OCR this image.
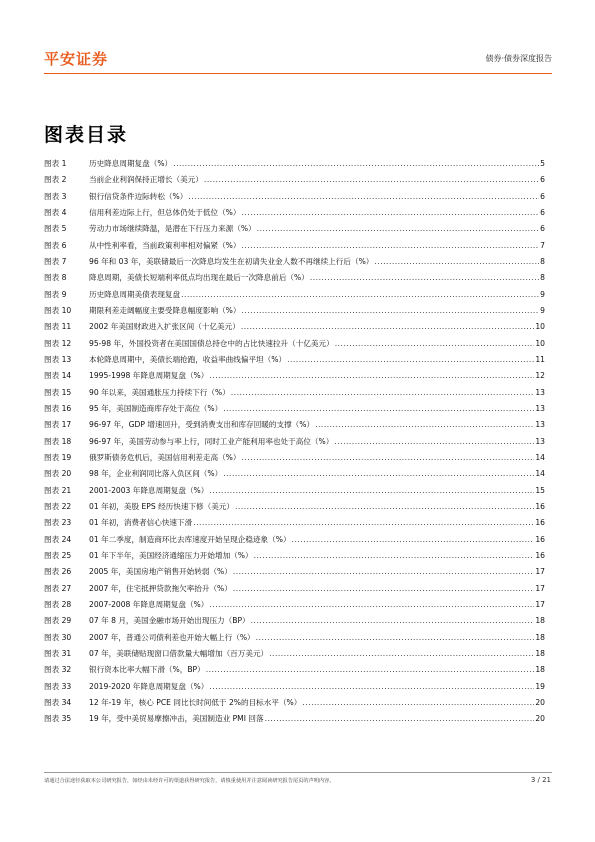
平安证券	债券·债券深度报告
图表目录
图表 1	历史降息周期复盘（%） .....	5
图表 2	当前企业利润保持正增长（美元） .....	6
图表 3	银行信贷条件边际转松（%） .....	6
图表 4	信用利差边际上行，但总体仍处于低位（%） .....	6
图表 5	劳动力市场继续降温，是潜在下行压力来源（%） .....	6
图表 6	从中性利率看，当前政策利率相对偏紧（%） .....	7
图表 7	96 年和 03 年，美联储最后一次降息均发生在初请失业金人数不再继续上行后（%） .....	8
图表 8	降息周期，美债长短端利率低点均出现在最后一次降息前后（%） .....	8
图表 9	历史降息周期美债表现复盘 .....	9
图表 10	期限利差走阔幅度主要受降息幅度影响（%） .....	9
图表 11	2002 年美国财政进入扩张区间（十亿美元） .....	10
图表 12	95-98 年，外国投资者在美国国债总持仓中的占比快速拉升（十亿美元） .....	10
图表 13	本轮降息周期中，美债长端抢跑，收益率曲线偏平坦（%） .....	11
图表 14	1995-1998 年降息周期复盘（%） .....	12
图表 15	90 年以来，美国通胀压力持续下行（%） .....	13
图表 16	95 年，美国制造商库存处于高位（%） .....	13
图表 17	96-97 年，GDP 增速回升，受到消费支出和库存回暖的支撑（%） .....	13
图表 18	96-97 年，美国劳动参与率上行，同时工业产能利用率也处于高位（%） .....	13
图表 19	俄罗斯债务危机后，美国信用利差走高（%） .....	14
图表 20	98 年，企业利润同比落入负区间（%） .....	14
图表 21	2001-2003 年降息周期复盘（%） .....	15
图表 22	01 年初，美股 EPS 经历快速下修（美元） .....	16
图表 23	01 年初，消费者信心快速下滑 .....	16
图表 24	01 年二季度，制造商环比去库速度开始呈现企稳迹象（%） .....	16
图表 25	01 年下半年，美国经济通缩压力开始增加（%） .....	16
图表 26	2005 年，美国房地产销售开始转弱（%） .....	17
图表 27	2007 年，住宅抵押贷款拖欠率抬升（%） .....	17
图表 28	2007-2008 年降息周期复盘（%） .....	17
图表 29	07 年 8 月，美国金融市场开始出现压力（BP） .....	18
图表 30	2007 年，普通公司债利差也开始大幅上行（%） .....	18
图表 31	07 年，美联储贴现窗口借款量大幅增加（百万美元） .....	18
图表 32	银行资本比率大幅下滑（%，BP） .....	18
图表 33	2019-2020 年降息周期复盘（%） .....	19
图表 34	12 年-19 年，核心 PCE 同比长时间低于 2%的目标水平（%） .....	20
图表 35	19 年，受中美贸易摩擦冲击，美国制造业 PMI 回落 .....	20
请通过合法途径获取本公司研究报告，如经由未经许可的渠道获得研究报告，请慎重使用并注意阅读研究报告尾页的声明内容。	3 / 21
